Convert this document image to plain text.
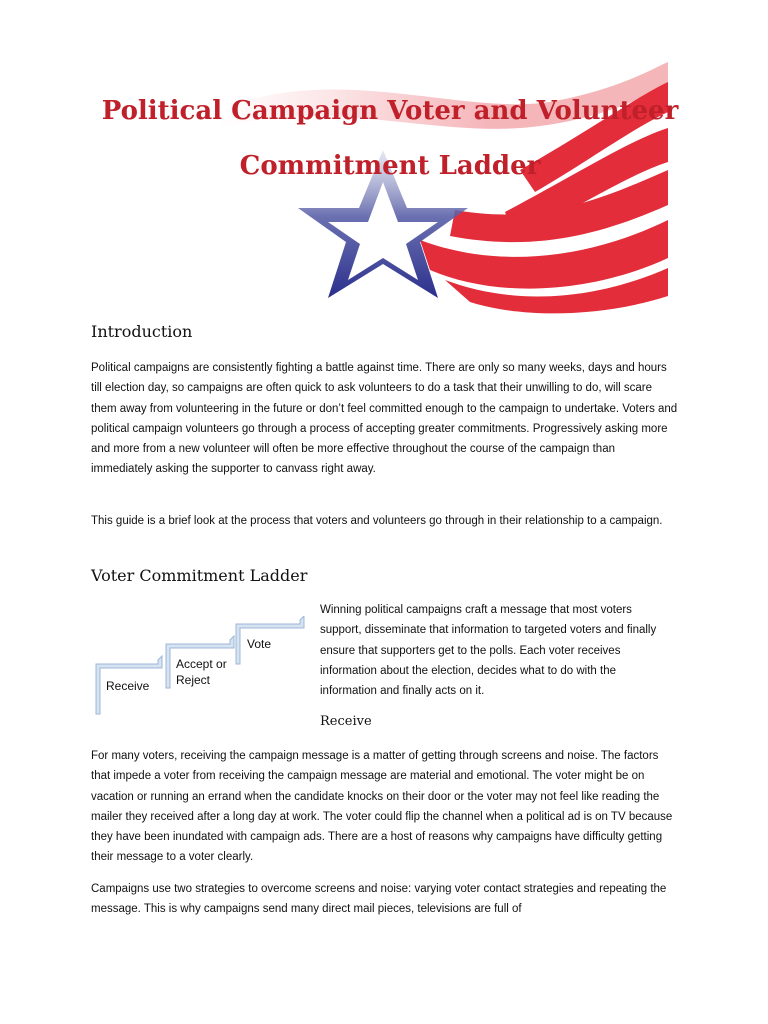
Political Campaign Voter and Volunteer
Commitment Ladder
Introduction

Political campaigns are consistently fighting a battle against time. There are only so many weeks, days and hours till election day, so campaigns are often quick to ask volunteers to do a task that their unwilling to do, will scare them away from volunteering in the future or don’t feel committed enough to the campaign to undertake. Voters and political campaign volunteers go through a process of accepting greater commitments. Progressively asking more and more from a new volunteer will often be more effective throughout the course of the campaign than immediately asking the supporter to canvass right away.

This guide is a brief look at the process that voters and volunteers go through in their relationship to a campaign.

Voter Commitment Ladder
Receive
Accept or
Reject
Vote

Winning political campaigns craft a message that most voters support, disseminate that information to targeted voters and finally ensure that supporters get to the polls. Each voter receives information about the election, decides what to do with the information and finally acts on it.

Receive

For many voters, receiving the campaign message is a matter of getting through screens and noise. The factors that impede a voter from receiving the campaign message are material and emotional. The voter might be on vacation or running an errand when the candidate knocks on their door or the voter may not feel like reading the mailer they received after a long day at work. The voter could flip the channel when a political ad is on TV because they have been inundated with campaign ads. There are a host of reasons why campaigns have difficulty getting their message to a voter clearly.

Campaigns use two strategies to overcome screens and noise: varying voter contact strategies and repeating the message. This is why campaigns send many direct mail pieces, televisions are full of
